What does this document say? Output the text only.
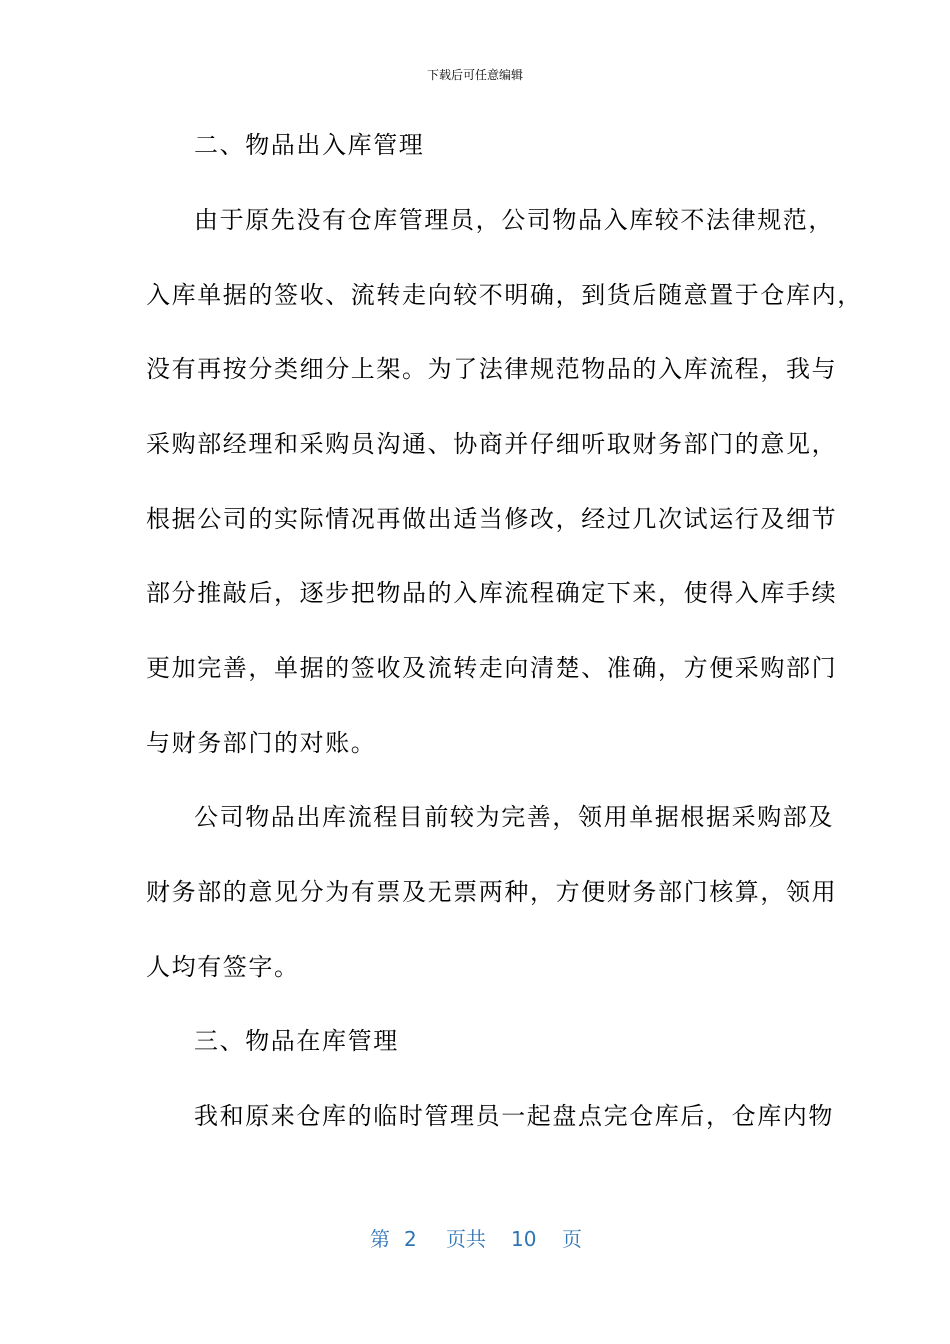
下载后可任意编辑
二、物品出入库管理
由于原先没有仓库管理员，公司物品入库较不法律规范，
入库单据的签收、流转走向较不明确，到货后随意置于仓库内，
没有再按分类细分上架。为了法律规范物品的入库流程，我与
采购部经理和采购员沟通、协商并仔细听取财务部门的意见，
根据公司的实际情况再做出适当修改，经过几次试运行及细节
部分推敲后，逐步把物品的入库流程确定下来，使得入库手续
更加完善，单据的签收及流转走向清楚、准确，方便采购部门
与财务部门的对账。
公司物品出库流程目前较为完善，领用单据根据采购部及
财务部的意见分为有票及无票两种，方便财务部门核算，领用
人均有签字。
三、物品在库管理
我和原来仓库的临时管理员一起盘点完仓库后，仓库内物
第 2 页共 10 页
